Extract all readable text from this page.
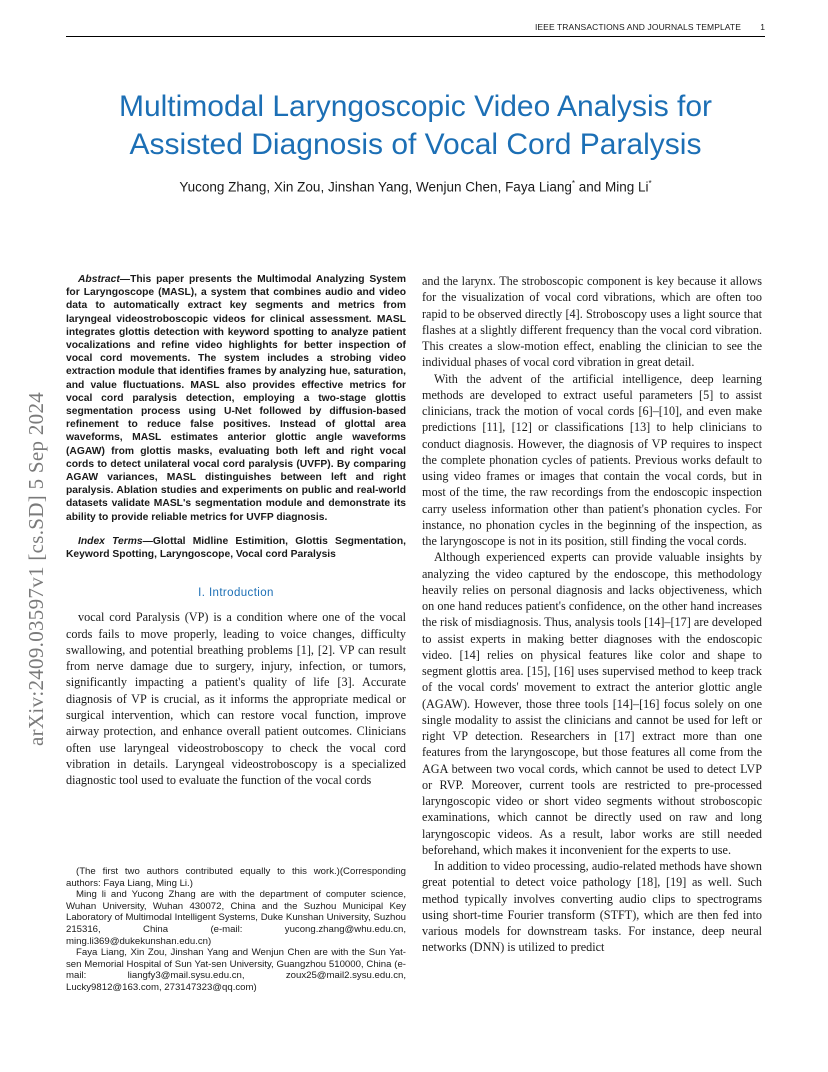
IEEE TRANSACTIONS AND JOURNALS TEMPLATE 1
Multimodal Laryngoscopic Video Analysis for
Assisted Diagnosis of Vocal Cord Paralysis
Yucong Zhang, Xin Zou, Jinshan Yang, Wenjun Chen, Faya Liang* and Ming Li*
arXiv:2409.03597v1 [cs.SD] 5 Sep 2024

Abstract—This paper presents the Multimodal Analyzing System for Laryngoscope (MASL), a system that combines audio and video data to automatically extract key segments and metrics from laryngeal videostroboscopic videos for clinical assessment. MASL integrates glottis detection with keyword spotting to analyze patient vocalizations and refine video highlights for better inspection of vocal cord movements. The system includes a strobing video extraction module that identifies frames by analyzing hue, saturation, and value fluctuations. MASL also provides effective metrics for vocal cord paralysis detection, employing a two-stage glottis segmentation process using U-Net followed by diffusion-based refinement to reduce false positives. Instead of glottal area waveforms, MASL estimates anterior glottic angle waveforms (AGAW) from glottis masks, evaluating both left and right vocal cords to detect unilateral vocal cord paralysis (UVFP). By comparing AGAW variances, MASL distinguishes between left and right paralysis. Ablation studies and experiments on public and real-world datasets validate MASL's segmentation module and demonstrate its ability to provide reliable metrics for UVFP diagnosis.

Index Terms—Glottal Midline Estimition, Glottis Segmentation, Keyword Spotting, Laryngoscope, Vocal cord Paralysis

I. Introduction

vocal cord Paralysis (VP) is a condition where one of the vocal cords fails to move properly, leading to voice changes, difficulty swallowing, and potential breathing problems [1], [2]. VP can result from nerve damage due to surgery, injury, infection, or tumors, significantly impacting a patient's quality of life [3]. Accurate diagnosis of VP is crucial, as it informs the appropriate medical or surgical intervention, which can restore vocal function, improve airway protection, and enhance overall patient outcomes. Clinicians often use laryngeal videostroboscopy to check the vocal cord vibration in details. Laryngeal videostroboscopy is a specialized diagnostic tool used to evaluate the function of the vocal cords

(The first two authors contributed equally to this work.)(Corresponding authors: Faya Liang, Ming Li.)

Ming li and Yucong Zhang are with the department of computer science, Wuhan University, Wuhan 430072, China and the Suzhou Municipal Key Laboratory of Multimodal Intelligent Systems, Duke Kunshan University, Suzhou 215316, China (e-mail: yucong.zhang@whu.edu.cn, ming.li369@dukekunshan.edu.cn)

Faya Liang, Xin Zou, Jinshan Yang and Wenjun Chen are with the Sun Yat-sen Memorial Hospital of Sun Yat-sen University, Guangzhou 510000, China (e-mail: liangfy3@mail.sysu.edu.cn, zoux25@mail2.sysu.edu.cn, Lucky9812@163.com, 273147323@qq.com)

and the larynx. The stroboscopic component is key because it allows for the visualization of vocal cord vibrations, which are often too rapid to be observed directly [4]. Stroboscopy uses a light source that flashes at a slightly different frequency than the vocal cord vibration. This creates a slow-motion effect, enabling the clinician to see the individual phases of vocal cord vibration in great detail.

With the advent of the artificial intelligence, deep learning methods are developed to extract useful parameters [5] to assist clinicians, track the motion of vocal cords [6]–[10], and even make predictions [11], [12] or classifications [13] to help clinicians to conduct diagnosis. However, the diagnosis of VP requires to inspect the complete phonation cycles of patients. Previous works default to using video frames or images that contain the vocal cords, but in most of the time, the raw recordings from the endoscopic inspection carry useless information other than patient's phonation cycles. For instance, no phonation cycles in the beginning of the inspection, as the laryngoscope is not in its position, still finding the vocal cords.

Although experienced experts can provide valuable insights by analyzing the video captured by the endoscope, this methodology heavily relies on personal diagnosis and lacks objectiveness, which on one hand reduces patient's confidence, on the other hand increases the risk of misdiagnosis. Thus, analysis tools [14]–[17] are developed to assist experts in making better diagnoses with the endoscopic video. [14] relies on physical features like color and shape to segment glottis area. [15], [16] uses supervised method to keep track of the vocal cords' movement to extract the anterior glottic angle (AGAW). However, those three tools [14]–[16] focus solely on one single modality to assist the clinicians and cannot be used for left or right VP detection. Researchers in [17] extract more than one features from the laryngoscope, but those features all come from the AGA between two vocal cords, which cannot be used to detect LVP or RVP. Moreover, current tools are restricted to pre-processed laryngoscopic video or short video segments without stroboscopic examinations, which cannot be directly used on raw and long laryngoscopic videos. As a result, labor works are still needed beforehand, which makes it inconvenient for the experts to use.

In addition to video processing, audio-related methods have shown great potential to detect voice pathology [18], [19] as well. Such method typically involves converting audio clips to spectrograms using short-time Fourier transform (STFT), which are then fed into various models for downstream tasks. For instance, deep neural networks (DNN) is utilized to predict
